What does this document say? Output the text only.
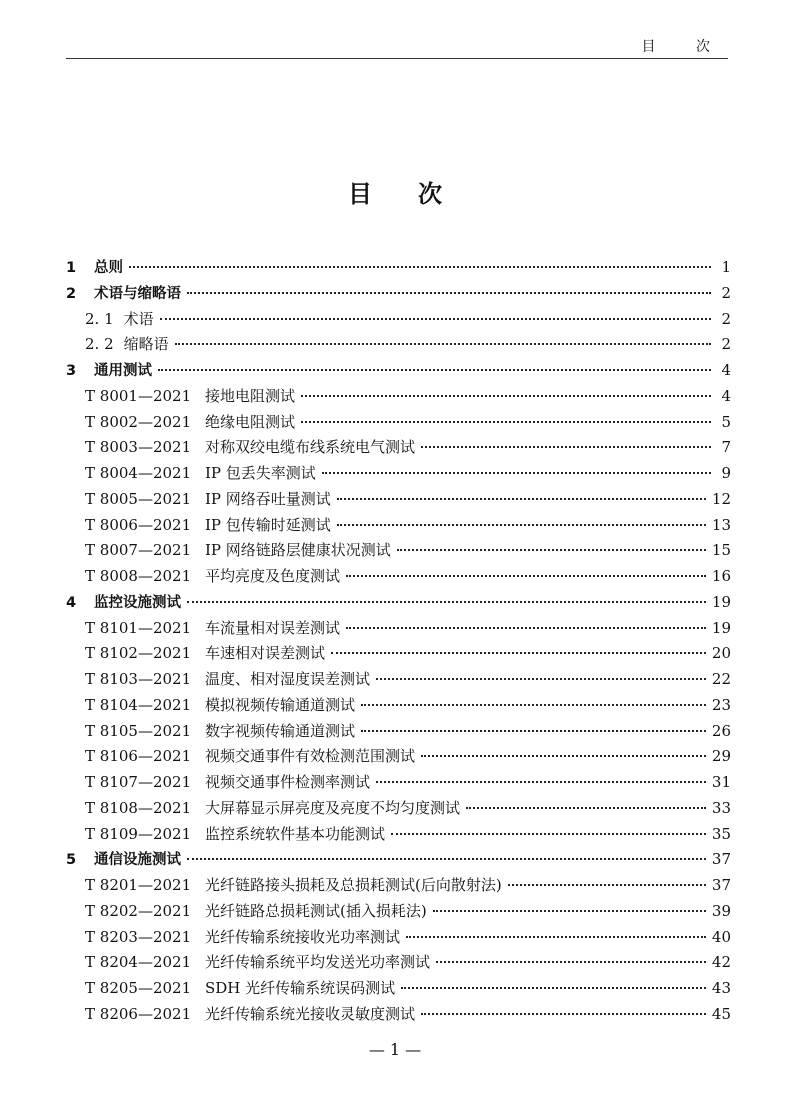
目 次
目 次
1	总则	1
2	术语与缩略语	2
2. 1 术语	2
2. 2 缩略语	2
3	通用测试	4
T 8001—2021 接地电阻测试	4
T 8002—2021 绝缘电阻测试	5
T 8003—2021 对称双绞电缆布线系统电气测试	7
T 8004—2021 IP 包丢失率测试	9
T 8005—2021 IP 网络吞吐量测试	12
T 8006—2021 IP 包传输时延测试	13
T 8007—2021 IP 网络链路层健康状况测试	15
T 8008—2021 平均亮度及色度测试	16
4	监控设施测试	19
T 8101—2021 车流量相对误差测试	19
T 8102—2021 车速相对误差测试	20
T 8103—2021 温度、相对湿度误差测试	22
T 8104—2021 模拟视频传输通道测试	23
T 8105—2021 数字视频传输通道测试	26
T 8106—2021 视频交通事件有效检测范围测试	29
T 8107—2021 视频交通事件检测率测试	31
T 8108—2021 大屏幕显示屏亮度及亮度不均匀度测试	33
T 8109—2021 监控系统软件基本功能测试	35
5	通信设施测试	37
T 8201—2021 光纤链路接头损耗及总损耗测试(后向散射法)	37
T 8202—2021 光纤链路总损耗测试(插入损耗法)	39
T 8203—2021 光纤传输系统接收光功率测试	40
T 8204—2021 光纤传输系统平均发送光功率测试	42
T 8205—2021 SDH 光纤传输系统误码测试	43
T 8206—2021 光纤传输系统光接收灵敏度测试	45
— 1 —
